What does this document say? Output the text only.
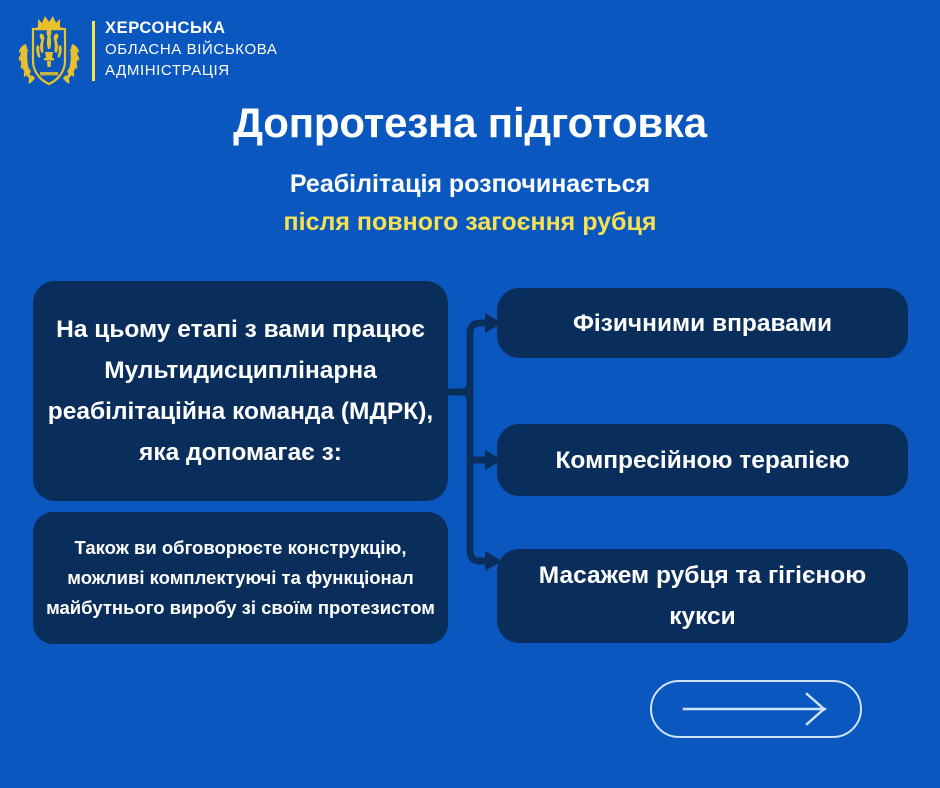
ХЕРСОНСЬКА
ОБЛАСНА ВІЙСЬКОВА
АДМІНІСТРАЦІЯ
Допротезна підготовка
Реабілітація розпочинається
після повного загоєння рубця
На цьому етапі з вами працює Мультидисциплінарна реабілітаційна команда (МДРК), яка допомагає з:
Також ви обговорюєте конструкцію, можливі комплектуючі та функціонал майбутнього виробу зі своїм протезистом
Фізичними вправами
Компресійною терапією
Масажем рубця та гігієною кукси
